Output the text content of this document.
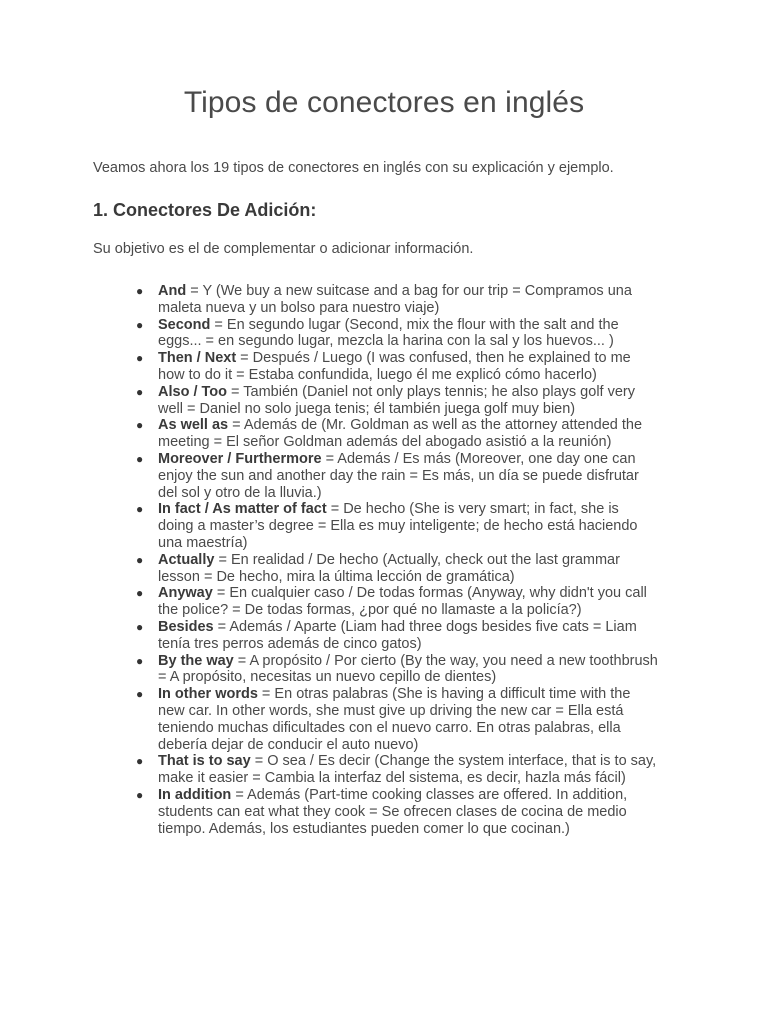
Tipos de conectores en inglés

Veamos ahora los 19 tipos de conectores en inglés con su explicación y ejemplo.

1. Conectores De Adición:

Su objetivo es el de complementar o adicionar información.

● And = Y (We buy a new suitcase and a bag for our trip = Compramos una maleta nueva y un bolso para nuestro viaje)
● Second = En segundo lugar (Second, mix the flour with the salt and the eggs... = en segundo lugar, mezcla la harina con la sal y los huevos... )
● Then / Next = Después / Luego (I was confused, then he explained to me how to do it = Estaba confundida, luego él me explicó cómo hacerlo)
● Also / Too = También (Daniel not only plays tennis; he also plays golf very well = Daniel no solo juega tenis; él también juega golf muy bien)
● As well as = Además de (Mr. Goldman as well as the attorney attended the meeting = El señor Goldman además del abogado asistió a la reunión)
● Moreover / Furthermore = Además / Es más (Moreover, one day one can enjoy the sun and another day the rain = Es más, un día se puede disfrutar del sol y otro de la lluvia.)
● In fact / As matter of fact = De hecho (She is very smart; in fact, she is doing a master’s degree = Ella es muy inteligente; de hecho está haciendo una maestría)
● Actually = En realidad / De hecho (Actually, check out the last grammar lesson = De hecho, mira la última lección de gramática)
● Anyway = En cualquier caso / De todas formas (Anyway, why didn't you call the police? = De todas formas, ¿por qué no llamaste a la policía?)
● Besides = Además / Aparte (Liam had three dogs besides five cats = Liam tenía tres perros además de cinco gatos)
● By the way = A propósito / Por cierto (By the way, you need a new toothbrush = A propósito, necesitas un nuevo cepillo de dientes)
● In other words = En otras palabras (She is having a difficult time with the new car. In other words, she must give up driving the new car = Ella está teniendo muchas dificultades con el nuevo carro. En otras palabras, ella debería dejar de conducir el auto nuevo)
● That is to say = O sea / Es decir (Change the system interface, that is to say, make it easier = Cambia la interfaz del sistema, es decir, hazla más fácil)
● In addition = Además (Part-time cooking classes are offered. In addition, students can eat what they cook = Se ofrecen clases de cocina de medio tiempo. Además, los estudiantes pueden comer lo que cocinan.)
